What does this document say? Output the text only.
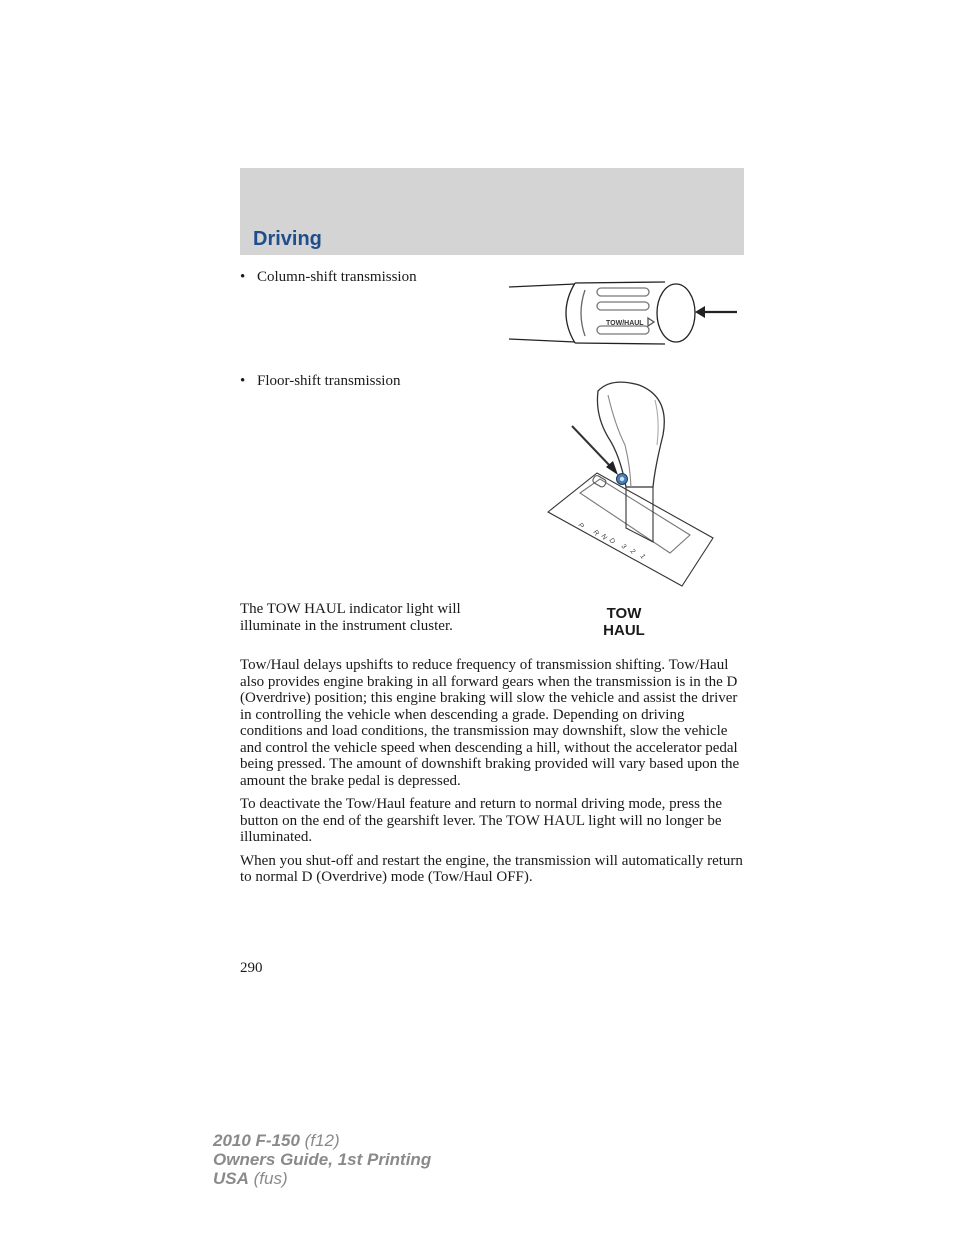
Driving
• Column-shift transmission
TOW/HAUL
• Floor-shift transmission
P
R N D
3
2
1
The TOW HAUL indicator light will illuminate in the instrument cluster.
TOW
HAUL

Tow/Haul delays upshifts to reduce frequency of transmission shifting. Tow/Haul also provides engine braking in all forward gears when the transmission is in the D (Overdrive) position; this engine braking will slow the vehicle and assist the driver in controlling the vehicle when descending a grade. Depending on driving conditions and load conditions, the transmission may downshift, slow the vehicle and control the vehicle speed when descending a hill, without the accelerator pedal being pressed. The amount of downshift braking provided will vary based upon the amount the brake pedal is depressed.

To deactivate the Tow/Haul feature and return to normal driving mode, press the button on the end of the gearshift lever. The TOW HAUL light will no longer be illuminated.

When you shut-off and restart the engine, the transmission will automatically return to normal D (Overdrive) mode (Tow/Haul OFF).

290
2010 F-150 (f12)
Owners Guide, 1st Printing
USA (fus)
